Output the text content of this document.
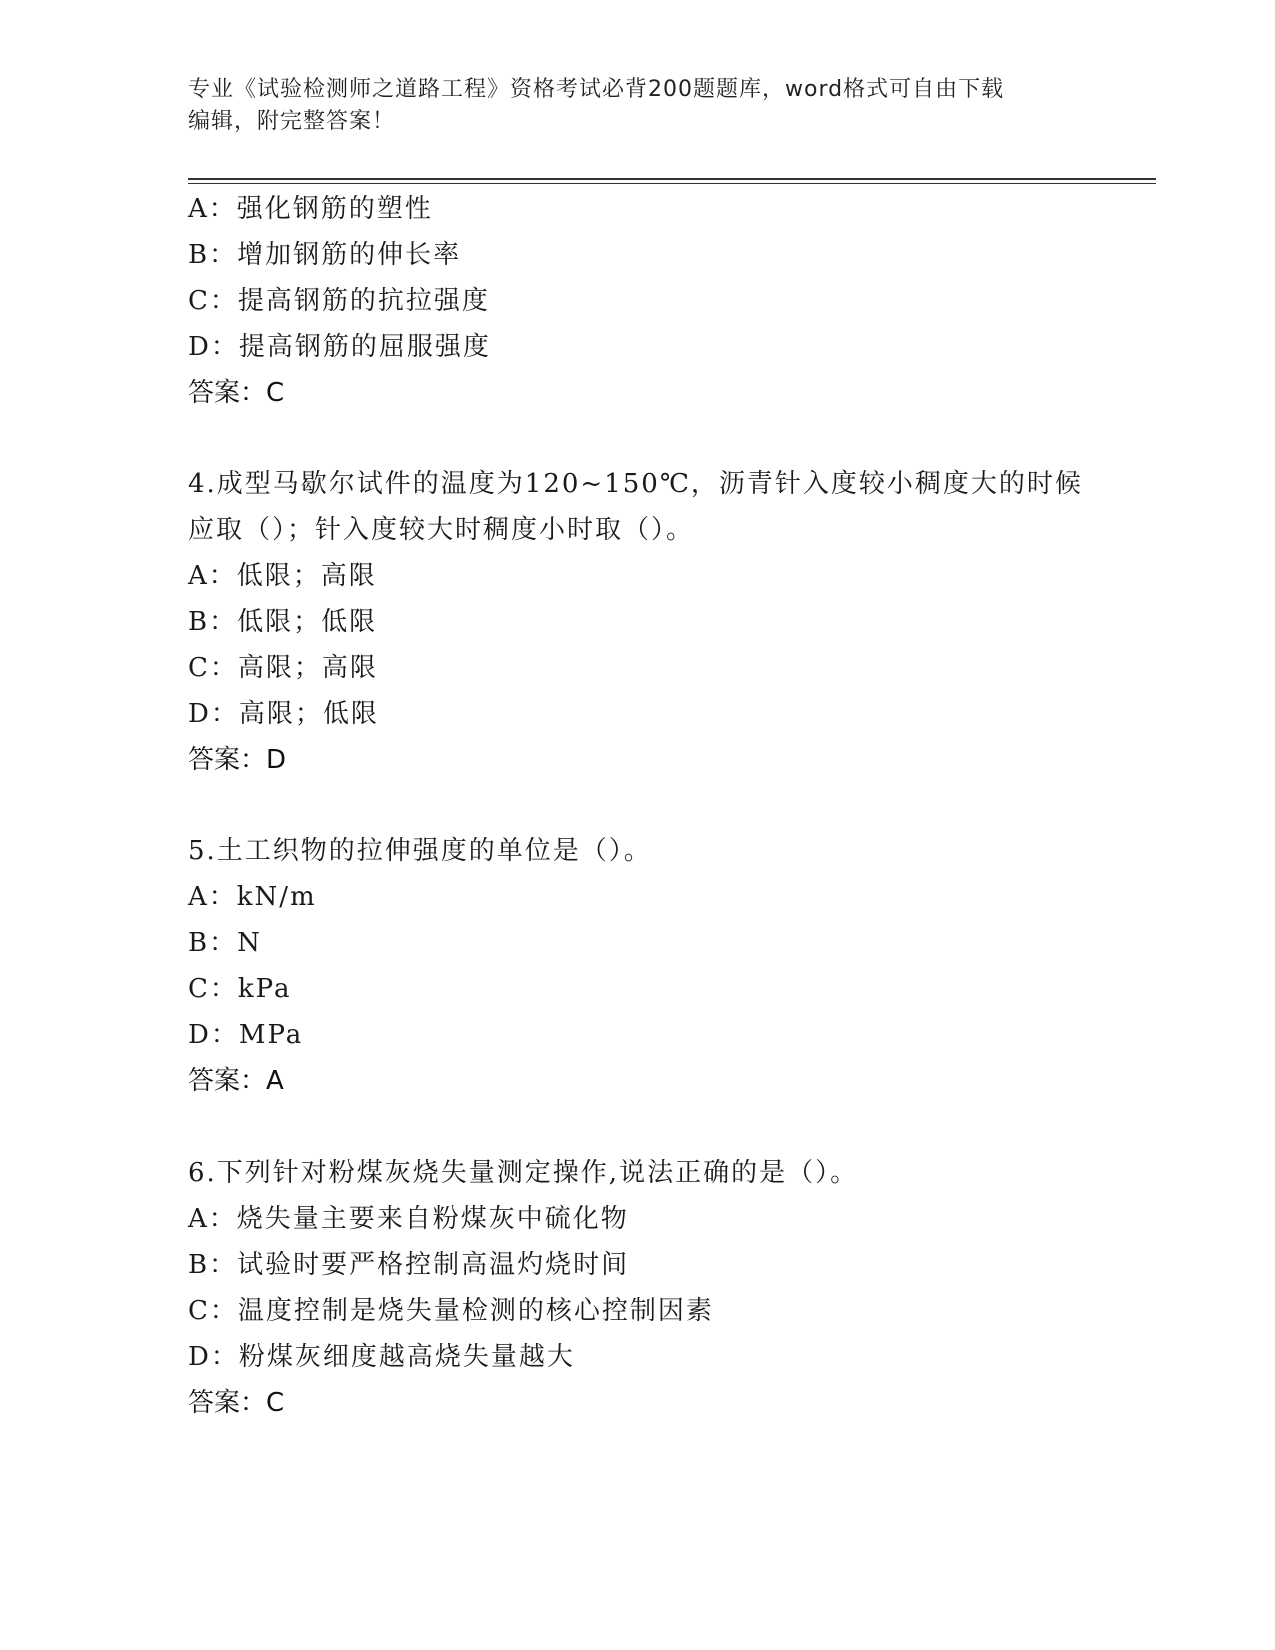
专业《试验检测师之道路工程》资格考试必背200题题库，word格式可自由下载
编辑，附完整答案！
A：强化钢筋的塑性
B：增加钢筋的伸长率
C：提高钢筋的抗拉强度
D：提高钢筋的屈服强度
答案：C
4.成型马歇尔试件的温度为120~150℃，沥青针入度较小稠度大的时候
应取（）；针入度较大时稠度小时取（）。
A：低限；高限
B：低限；低限
C：高限；高限
D：高限；低限
答案：D
5.土工织物的拉伸强度的单位是（）。
A：kN/m
B：N
C：kPa
D：MPa
答案：A
6.下列针对粉煤灰烧失量测定操作,说法正确的是（）。
A：烧失量主要来自粉煤灰中硫化物
B：试验时要严格控制高温灼烧时间
C：温度控制是烧失量检测的核心控制因素
D：粉煤灰细度越高烧失量越大
答案：C
